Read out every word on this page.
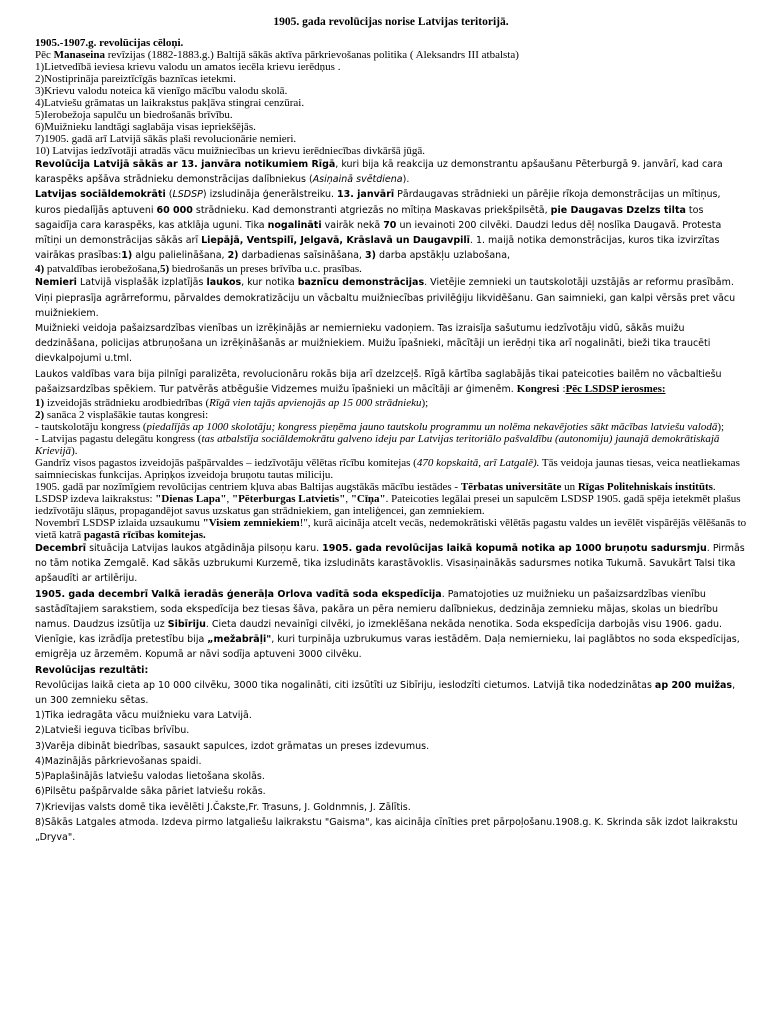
1905. gada revolūcijas norise Latvijas teritorijā.

1905.-1907.g. revolūcijas cēloņi.

Pēc Manaseina revīzijas (1882-1883.g.) Baltijā sākās aktīva pārkrievošanas politika ( Aleksandrs III atbalsta)

1)Lietvedībā ieviesa krievu valodu un amatos iecēla krievu ierēdņus .

2)Nostiprināja pareiztīcīgās baznīcas ietekmi.

3)Krievu valodu noteica kā vienīgo mācību valodu skolā.

4)Latviešu grāmatas un laikrakstus pakļāva stingrai cenzūrai.

5)Ierobežoja sapulču un biedrošanās brīvību.

6)Muižnieku landtāgi saglabāja visas iepriekšējās.

7)1905. gadā arī Latvijā sākās plaši revolucionārie nemieri.

10) Latvijas iedzīvotāji atradās vācu muižniecības un krievu ierēdniecības divkāršā jūgā.

Revolūcija Latvijā sākās ar 13. janvāra notikumiem Rīgā, kuri bija kā reakcija uz demonstrantu apšaušanu Pēterburgā 9. janvārī, kad cara karaspēks apšāva strādnieku demonstrācijas dalībniekus (Asiņainā svētdiena).

Latvijas sociāldemokrāti (LSDSP) izsludināja ģenerālstreiku. 13. janvārī Pārdaugavas strādnieki un pārējie rīkoja demonstrācijas un mītiņus, kuros piedalījās aptuveni 60 000 strādnieku. Kad demonstranti atgriezās no mītiņa Maskavas priekšpilsētā, pie Daugavas Dzelzs tilta tos sagaidīja cara karaspēks, kas atklāja uguni. Tika nogalināti vairāk nekā 70 un ievainoti 200 cilvēki. Daudzi ledus dēļ noslīka Daugavā. Protesta mītiņi un demonstrācijas sākās arī Liepājā, Ventspilī, Jelgavā, Krāslavā un Daugavpilī. 1. maijā notika demonstrācijas, kuros tika izvirzītas vairākas prasības:1) algu palielināšana, 2) darbadienas saīsināšana, 3) darba apstākļu uzlabošana,

4) patvaldības ierobežošana,5) biedrošanās un preses brīvība u.c. prasības.

Nemieri Latvijā visplašāk izplatījās laukos, kur notika baznīcu demonstrācijas. Vietējie zemnieki un tautskolotāji uzstājās ar reformu prasībām. Viņi pieprasīja agrārreformu, pārvaldes demokratizāciju un vācbaltu muižniecības privilēģiju likvidēšanu. Gan saimnieki, gan kalpi vērsās pret vācu muižniekiem.

Muižnieki veidoja pašaizsardzības vienības un izrēķinājās ar nemiernieku vadoņiem. Tas izraisīja sašutumu iedzīvotāju vidū, sākās muižu dedzināšana, policijas atbruņošana un izrēķināšanās ar muižniekiem. Muižu īpašnieki, mācītāji un ierēdņi tika arī nogalināti, bieži tika traucēti dievkalpojumi u.tml.

Laukos valdības vara bija pilnīgi paralizēta, revolucionāru rokās bija arī dzelzceļš. Rīgā kārtība saglabājās tikai pateicoties bailēm no vācbaltiešu pašaizsardzības spēkiem. Tur patvērās atbēgušie Vidzemes muižu īpašnieki un mācītāji ar ģimenēm. Kongresi :Pēc LSDSP ierosmes:

1) izveidojās strādnieku arodbiedrības (Rīgā vien tajās apvienojās ap 15 000 strādnieku);

2) sanāca 2 visplašākie tautas kongresi:

- tautskolotāju kongress (piedalījās ap 1000 skolotāju; kongress pieņēma jauno tautskolu programmu un nolēma nekavējoties sākt mācības latviešu valodā);

- Latvijas pagastu delegātu kongress (tas atbalstīja sociāldemokrātu galveno ideju par Latvijas teritoriālo pašvaldību (autonomiju) jaunajā demokrātiskajā Krievijā).

Gandrīz visos pagastos izveidojās pašpārvaldes – iedzīvotāju vēlētas rīcību komitejas (470 kopskaitā, arī Latgalē). Tās veidoja jaunas tiesas, veica neatliekamas saimnieciskas funkcijas. Apriņķos izveidoja bruņotu tautas miliciju.

1905. gadā par nozīmīgiem revolūcijas centriem kļuva abas Baltijas augstākās mācību iestādes - Tērbatas universitāte un Rīgas Politehniskais institūts. LSDSP izdeva laikrakstus: "Dienas Lapa", "Pēterburgas Latvietis", "Cīņa". Pateicoties legālai presei un sapulcēm LSDSP 1905. gadā spēja ietekmēt plašus iedzīvotāju slāņus, propagandējot savus uzskatus gan strādniekiem, gan inteliģencei, gan zemniekiem.

Novembrī LSDSP izlaida uzsaukumu "Visiem zemniekiem!", kurā aicināja atcelt vecās, nedemokrātiski vēlētās pagastu valdes un ievēlēt vispārējās vēlēšanās to vietā katrā pagastā rīcības komitejas.

Decembrī situācija Latvijas laukos atgādināja pilsoņu karu. 1905. gada revolūcijas laikā kopumā notika ap 1000 bruņotu sadursmju. Pirmās no tām notika Zemgalē. Kad sākās uzbrukumi Kurzemē, tika izsludināts karastāvoklis. Visasiņainākās sadursmes notika Tukumā. Savukārt Talsi tika apšaudīti ar artilēriju.

1905. gada decembrī Valkā ieradās ģenerāļa Orlova vadītā soda ekspedīcija. Pamatojoties uz muižnieku un pašaizsardzības vienību sastādītajiem sarakstiem, soda ekspedīcija bez tiesas šāva, pakāra un pēra nemieru dalībniekus, dedzināja zemnieku mājas, skolas un biedrību namus. Daudzus izsūtīja uz Sibīriju. Cieta daudzi nevainīgi cilvēki, jo izmeklēšana nekāda nenotika. Soda ekspedīcija darbojās visu 1906. gadu. Vienīgie, kas izrādīja pretestību bija „mežabrāļi", kuri turpināja uzbrukumus varas iestādēm. Daļa nemiernieku, lai paglābtos no soda ekspedīcijas, emigrēja uz ārzemēm. Kopumā ar nāvi sodīja aptuveni 3000 cilvēku.

Revolūcijas rezultāti:

Revolūcijas laikā cieta ap 10 000 cilvēku, 3000 tika nogalināti, citi izsūtīti uz Sibīriju, ieslodzīti cietumos. Latvijā tika nodedzinātas ap 200 muižas, un 300 zemnieku sētas.

1)Tika iedragāta vācu muižnieku vara Latvijā.

2)Latvieši ieguva ticības brīvību.

3)Varēja dibināt biedrības, sasaukt sapulces, izdot grāmatas un preses izdevumus.

4)Mazinājās pārkrievošanas spaidi.

5)Paplašinājās latviešu valodas lietošana skolās.

6)Pilsētu pašpārvalde sāka pāriet latviešu rokās.

7)Krievijas valsts domē tika ievēlēti J.Čakste,Fr. Trasuns, J. Goldnmnis, J. Zālītis.

8)Sākās Latgales atmoda. Izdeva pirmo latgaliešu laikrakstu "Gaisma", kas aicināja cīnīties pret pārpoļošanu.1908.g. K. Skrinda sāk izdot laikrakstu „Dryva".
